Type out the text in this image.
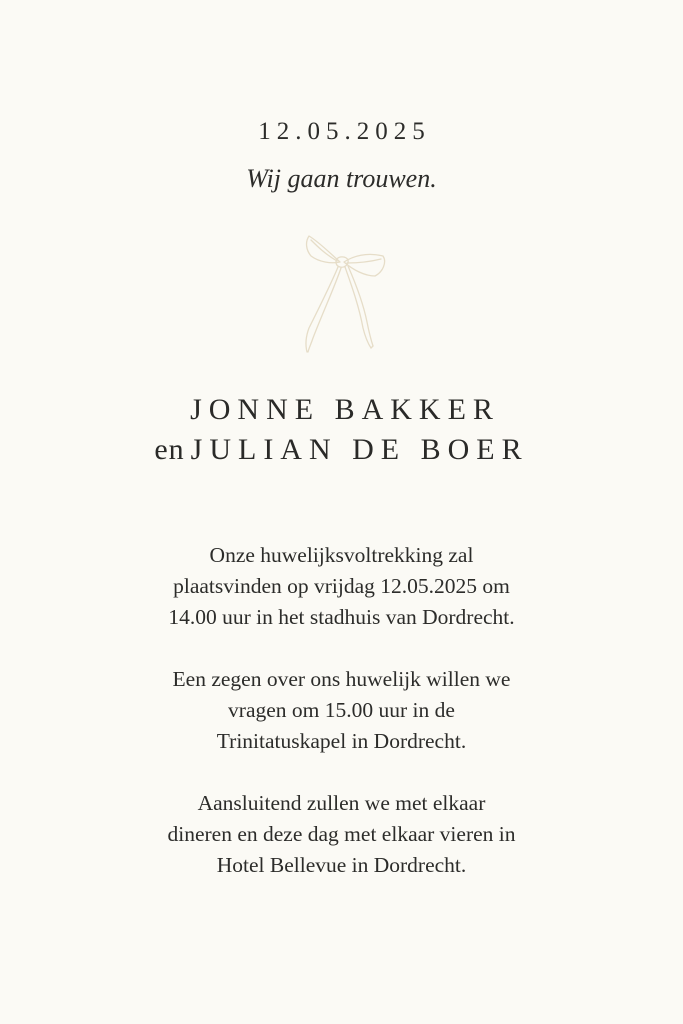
12.05.2025
Wij gaan trouwen.
JONNE BAKKER
en JULIAN DE BOER

Onze huwelijksvoltrekking zal
plaatsvinden op vrijdag 12.05.2025 om
14.00 uur in het stadhuis van Dordrecht.

Een zegen over ons huwelijk willen we
vragen om 15.00 uur in de
Trinitatuskapel in Dordrecht.

Aansluitend zullen we met elkaar
dineren en deze dag met elkaar vieren in
Hotel Bellevue in Dordrecht.
